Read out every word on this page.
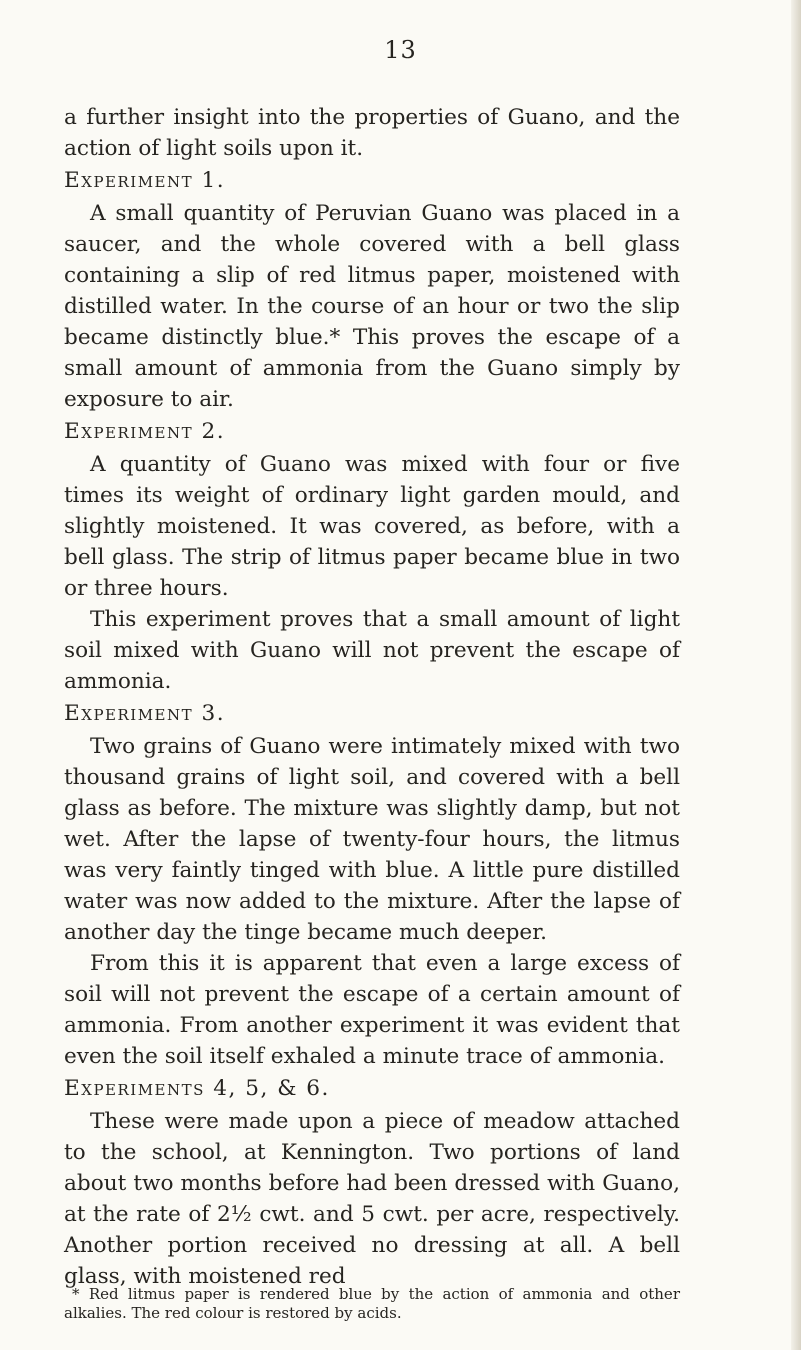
13

a further insight into the properties of Guano, and the action of light soils upon it.

Experiment 1.

A small quantity of Peruvian Guano was placed in a saucer, and the whole covered with a bell glass containing a slip of red litmus paper, moistened with distilled water. In the course of an hour or two the slip became distinctly blue.* This proves the escape of a small amount of ammonia from the Guano simply by exposure to air.

Experiment 2.

A quantity of Guano was mixed with four or five times its weight of ordinary light garden mould, and slightly moistened. It was covered, as before, with a bell glass. The strip of litmus paper became blue in two or three hours.

This experiment proves that a small amount of light soil mixed with Guano will not prevent the escape of ammonia.

Experiment 3.

Two grains of Guano were intimately mixed with two thousand grains of light soil, and covered with a bell glass as before. The mixture was slightly damp, but not wet. After the lapse of twenty-four hours, the litmus was very faintly tinged with blue. A little pure distilled water was now added to the mixture. After the lapse of another day the tinge became much deeper.

From this it is apparent that even a large excess of soil will not prevent the escape of a certain amount of ammonia. From another experiment it was evident that even the soil itself exhaled a minute trace of ammonia.

Experiments 4, 5, & 6.

These were made upon a piece of meadow attached to the school, at Kennington. Two portions of land about two months before had been dressed with Guano, at the rate of 2½ cwt. and 5 cwt. per acre, respectively. Another portion received no dressing at all. A bell glass, with moistened red

* Red litmus paper is rendered blue by the action of ammonia and other alkalies. The red colour is restored by acids.
